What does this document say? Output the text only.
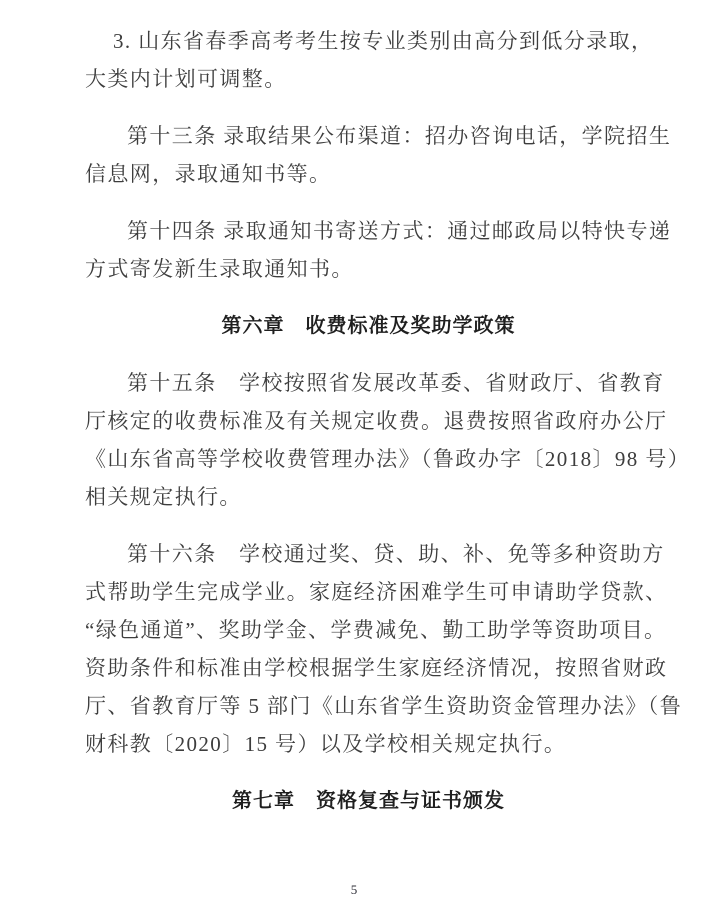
3. 山东省春季高考考生按专业类别由高分到低分录取，
大类内计划可调整。
第十三条 录取结果公布渠道：招办咨询电话，学院招生
信息网，录取通知书等。
第十四条 录取通知书寄送方式：通过邮政局以特快专递
方式寄发新生录取通知书。
第六章　收费标准及奖助学政策
第十五条　学校按照省发展改革委、省财政厅、省教育
厅核定的收费标准及有关规定收费。退费按照省政府办公厅
《山东省高等学校收费管理办法》（鲁政办字〔2018〕98 号）
相关规定执行。
第十六条　学校通过奖、贷、助、补、免等多种资助方
式帮助学生完成学业。家庭经济困难学生可申请助学贷款、
“绿色通道”、奖助学金、学费减免、勤工助学等资助项目。
资助条件和标准由学校根据学生家庭经济情况，按照省财政
厅、省教育厅等 5 部门《山东省学生资助资金管理办法》（鲁
财科教〔2020〕15 号）以及学校相关规定执行。
第七章　资格复查与证书颁发
5
